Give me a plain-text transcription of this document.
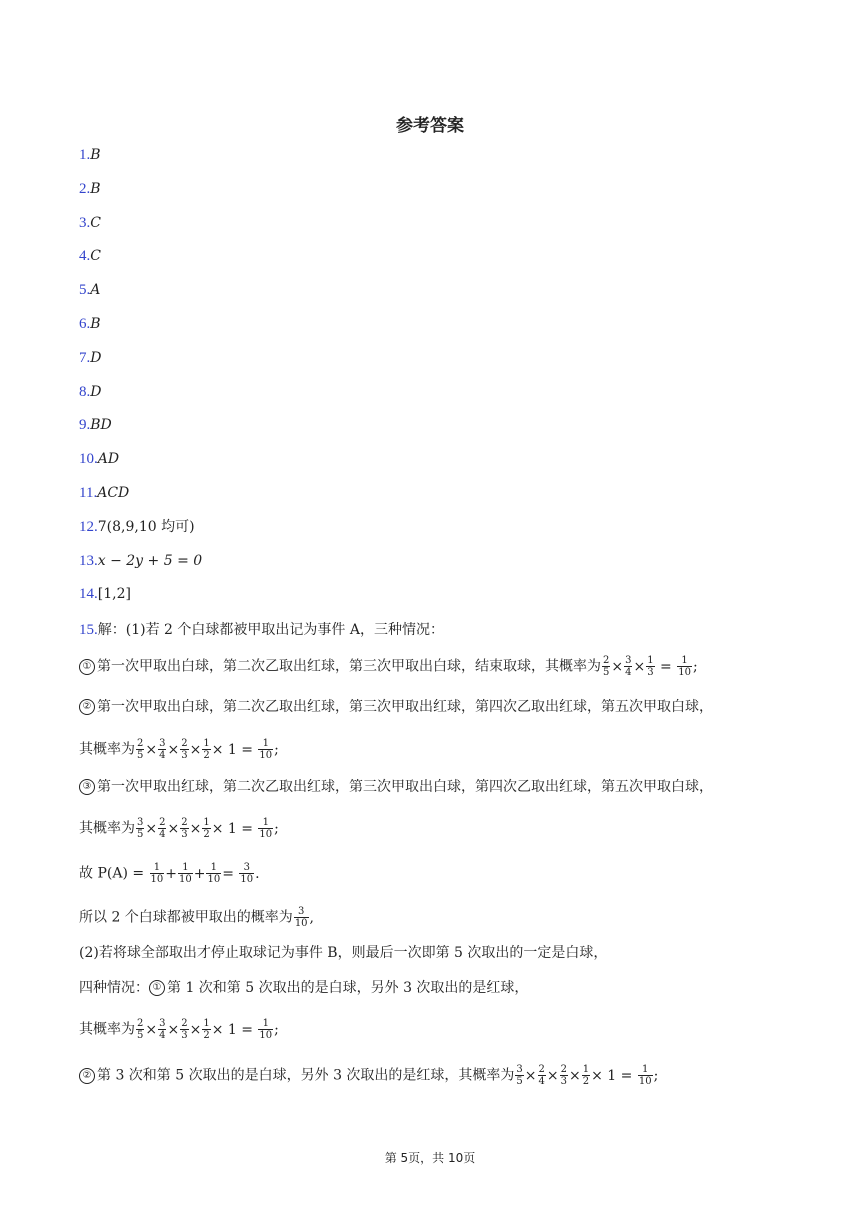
参考答案
1.B
2.B
3.C
4.C
5.A
6.B
7.D
8.D
9.BD
10.AD
11.ACD
12.7(8,9,10 均可)
13.x − 2y + 5 = 0
14.[1,2]
15.解：(1)若 2 个白球都被甲取出记为事件 A，三种情况：
① 第一次甲取出白球，第二次乙取出红球，第三次甲取出白球，结束取球，其概率为 $\frac{2}{5} \times \frac{3}{4} \times \frac{1}{3} = \frac{1}{10}$ ;
② 第一次甲取出白球，第二次乙取出红球，第三次甲取出红球，第四次乙取出红球，第五次甲取白球，
其概率为 $\frac{2}{5} \times \frac{3}{4} \times \frac{2}{3} \times \frac{1}{2} \times 1 = \frac{1}{10}$ ;
③ 第一次甲取出红球，第二次乙取出红球，第三次甲取出白球，第四次乙取出红球，第五次甲取白球，
其概率为 $\frac{3}{5} \times \frac{2}{4} \times \frac{2}{3} \times \frac{1}{2} \times 1 = \frac{1}{10}$ ;
故 $P(A) = \frac{1}{10} + \frac{1}{10} + \frac{1}{10} = \frac{3}{10}$ .
所以 2 个白球都被甲取出的概率为 $\frac{3}{10}$ ,
(2)若将球全部取出才停止取球记为事件 B，则最后一次即第 5 次取出的一定是白球，
四种情况： ① 第 1 次和第 5 次取出的是白球，另外 3 次取出的是红球，
其概率为 $\frac{2}{5} \times \frac{3}{4} \times \frac{2}{3} \times \frac{1}{2} \times 1 = \frac{1}{10}$ ;
② 第 3 次和第 5 次取出的是白球，另外 3 次取出的是红球，其概率为 $\frac{3}{5} \times \frac{2}{4} \times \frac{2}{3} \times \frac{1}{2} \times 1 = \frac{1}{10}$ ;
第 5页，共 10页
